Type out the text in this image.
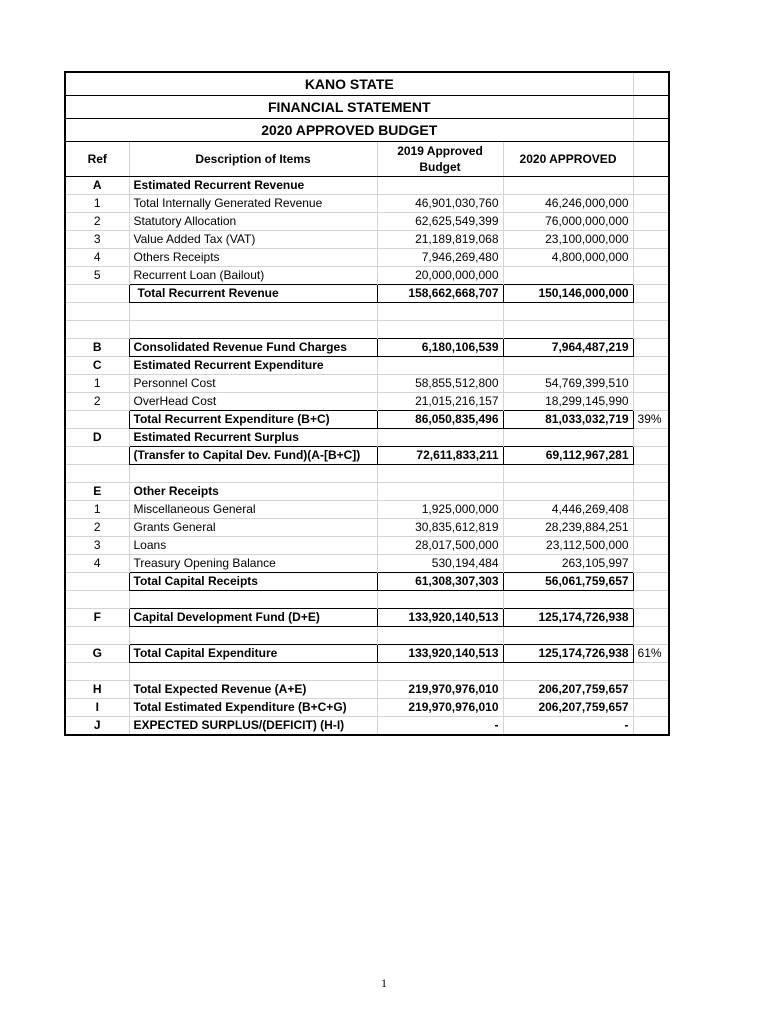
KANO STATE				
FINANCIAL STATEMENT				
2020 APPROVED BUDGET				
Ref	Description of Items	2019 Approved Budget	2020 APPROVED	
A	Estimated Recurrent Revenue			
1	Total Internally Generated Revenue	46,901,030,760	46,246,000,000	
2	Statutory Allocation	62,625,549,399	76,000,000,000	
3	Value Added Tax (VAT)	21,189,819,068	23,100,000,000	
4	Others Receipts	7,946,269,480	4,800,000,000	
5	Recurrent Loan (Bailout)	20,000,000,000		
	Total Recurrent Revenue	158,662,668,707	150,146,000,000	

B	Consolidated Revenue Fund Charges	6,180,106,539	7,964,487,219	
C	Estimated Recurrent Expenditure			
1	Personnel Cost	58,855,512,800	54,769,399,510	
2	OverHead Cost	21,015,216,157	18,299,145,990	
	Total Recurrent Expenditure (B+C)	86,050,835,496	81,033,032,719	39%
D	Estimated Recurrent Surplus			
	(Transfer to Capital Dev. Fund)(A-[B+C])	72,611,833,211	69,112,967,281	

E	Other Receipts			
1	Miscellaneous General	1,925,000,000	4,446,269,408	
2	Grants General	30,835,612,819	28,239,884,251	
3	Loans	28,017,500,000	23,112,500,000	
4	Treasury Opening Balance	530,194,484	263,105,997	
	Total Capital Receipts	61,308,307,303	56,061,759,657	

F	Capital Development Fund (D+E)	133,920,140,513	125,174,726,938	

G	Total Capital Expenditure	133,920,140,513	125,174,726,938	61%

H	Total Expected Revenue (A+E)	219,970,976,010	206,207,759,657	
I	Total Estimated Expenditure (B+C+G)	219,970,976,010	206,207,759,657	
J	EXPECTED SURPLUS/(DEFICIT) (H-I)	-	-	
1
